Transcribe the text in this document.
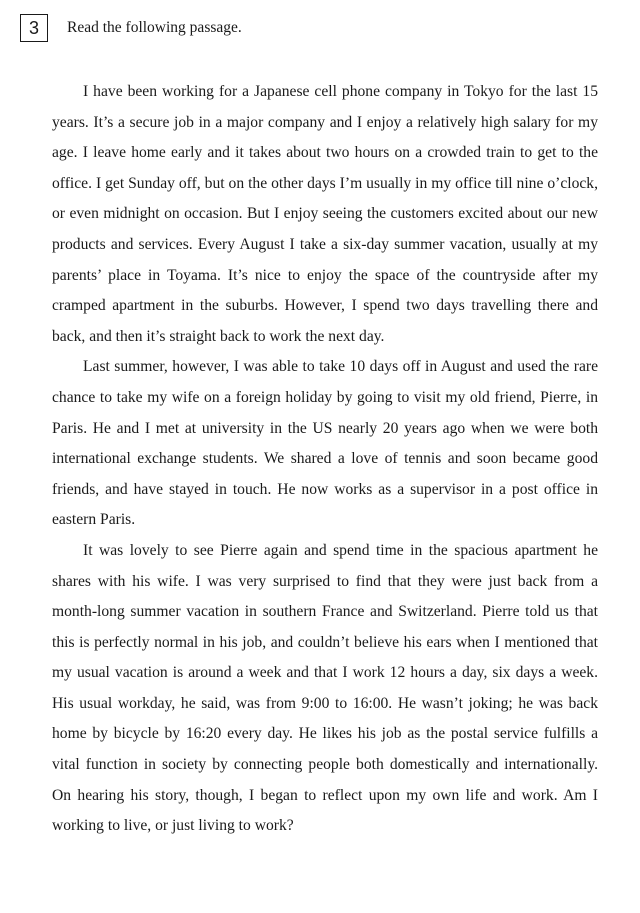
3	Read the following passage.

I have been working for a Japanese cell phone company in Tokyo for the last 15 years. It’s a secure job in a major company and I enjoy a relatively high salary for my age. I leave home early and it takes about two hours on a crowded train to get to the office. I get Sunday off, but on the other days I’m usually in my office till nine o’clock, or even midnight on occasion. But I enjoy seeing the customers excited about our new products and services. Every August I take a six-day summer vacation, usually at my parents’ place in Toyama. It’s nice to enjoy the space of the countryside after my cramped apartment in the suburbs. However, I spend two days travelling there and back, and then it’s straight back to work the next day.

Last summer, however, I was able to take 10 days off in August and used the rare chance to take my wife on a foreign holiday by going to visit my old friend, Pierre, in Paris. He and I met at university in the US nearly 20 years ago when we were both international exchange students. We shared a love of tennis and soon became good friends, and have stayed in touch. He now works as a supervisor in a post office in eastern Paris.

It was lovely to see Pierre again and spend time in the spacious apartment he shares with his wife. I was very surprised to find that they were just back from a month-long summer vacation in southern France and Switzerland. Pierre told us that this is perfectly normal in his job, and couldn’t believe his ears when I mentioned that my usual vacation is around a week and that I work 12 hours a day, six days a week. His usual workday, he said, was from 9:00 to 16:00. He wasn’t joking; he was back home by bicycle by 16:20 every day. He likes his job as the postal service fulfills a vital function in society by connecting people both domestically and internationally. On hearing his story, though, I began to reflect upon my own life and work. Am I working to live, or just living to work?
